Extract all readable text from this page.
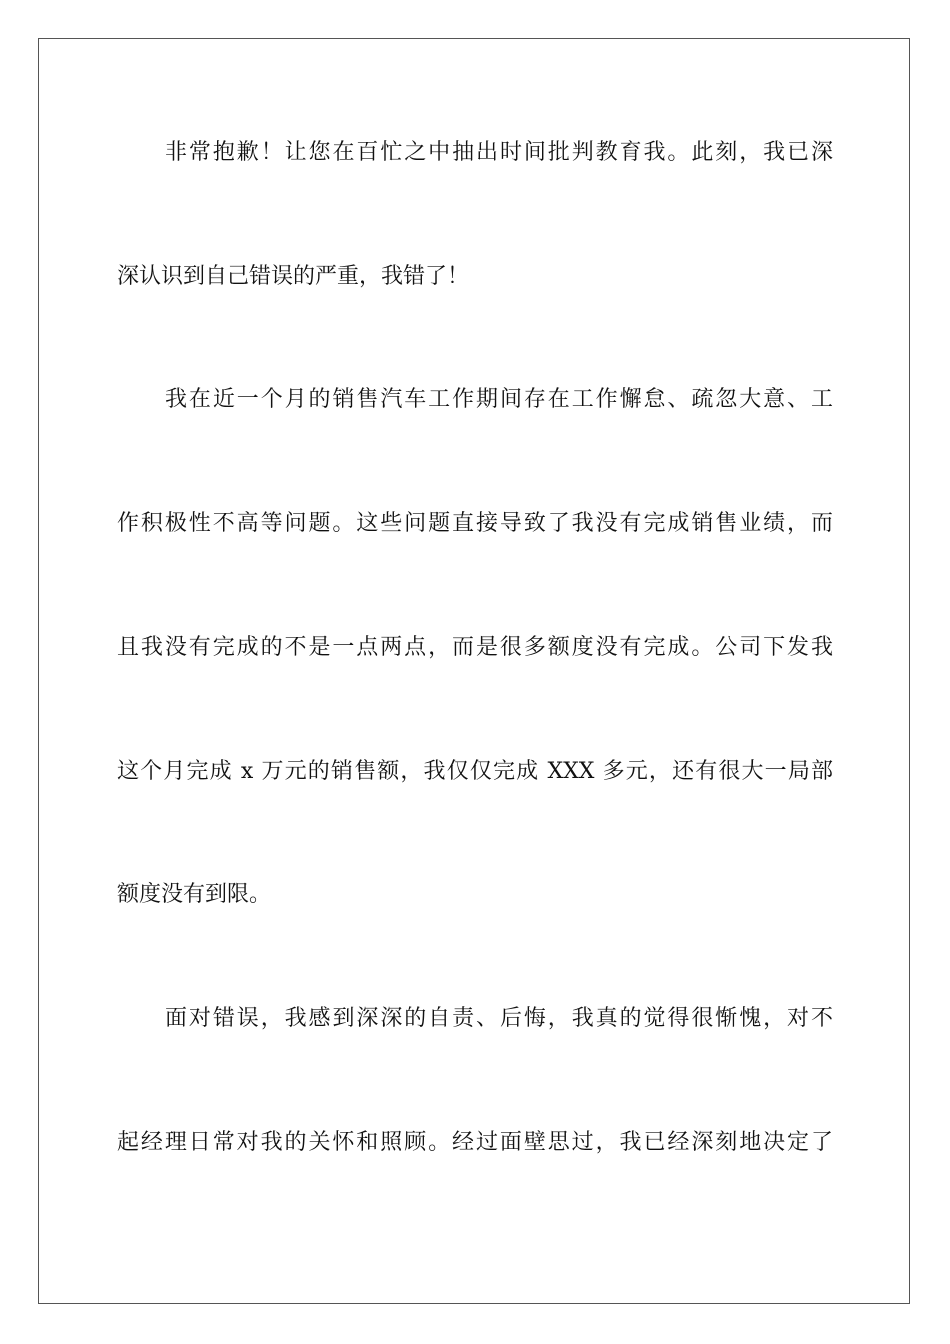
非常抱歉！让您在百忙之中抽出时间批判教育我。此刻，我已深
深认识到自己错误的严重，我错了！
我在近一个月的销售汽车工作期间存在工作懈怠、疏忽大意、工
作积极性不高等问题。这些问题直接导致了我没有完成销售业绩，而
且我没有完成的不是一点两点，而是很多额度没有完成。公司下发我
这个月完成 x 万元的销售额，我仅仅完成 XXX 多元，还有很大一局部
额度没有到限。
面对错误，我感到深深的自责、后悔，我真的觉得很惭愧，对不
起经理日常对我的关怀和照顾。经过面壁思过，我已经深刻地决定了
